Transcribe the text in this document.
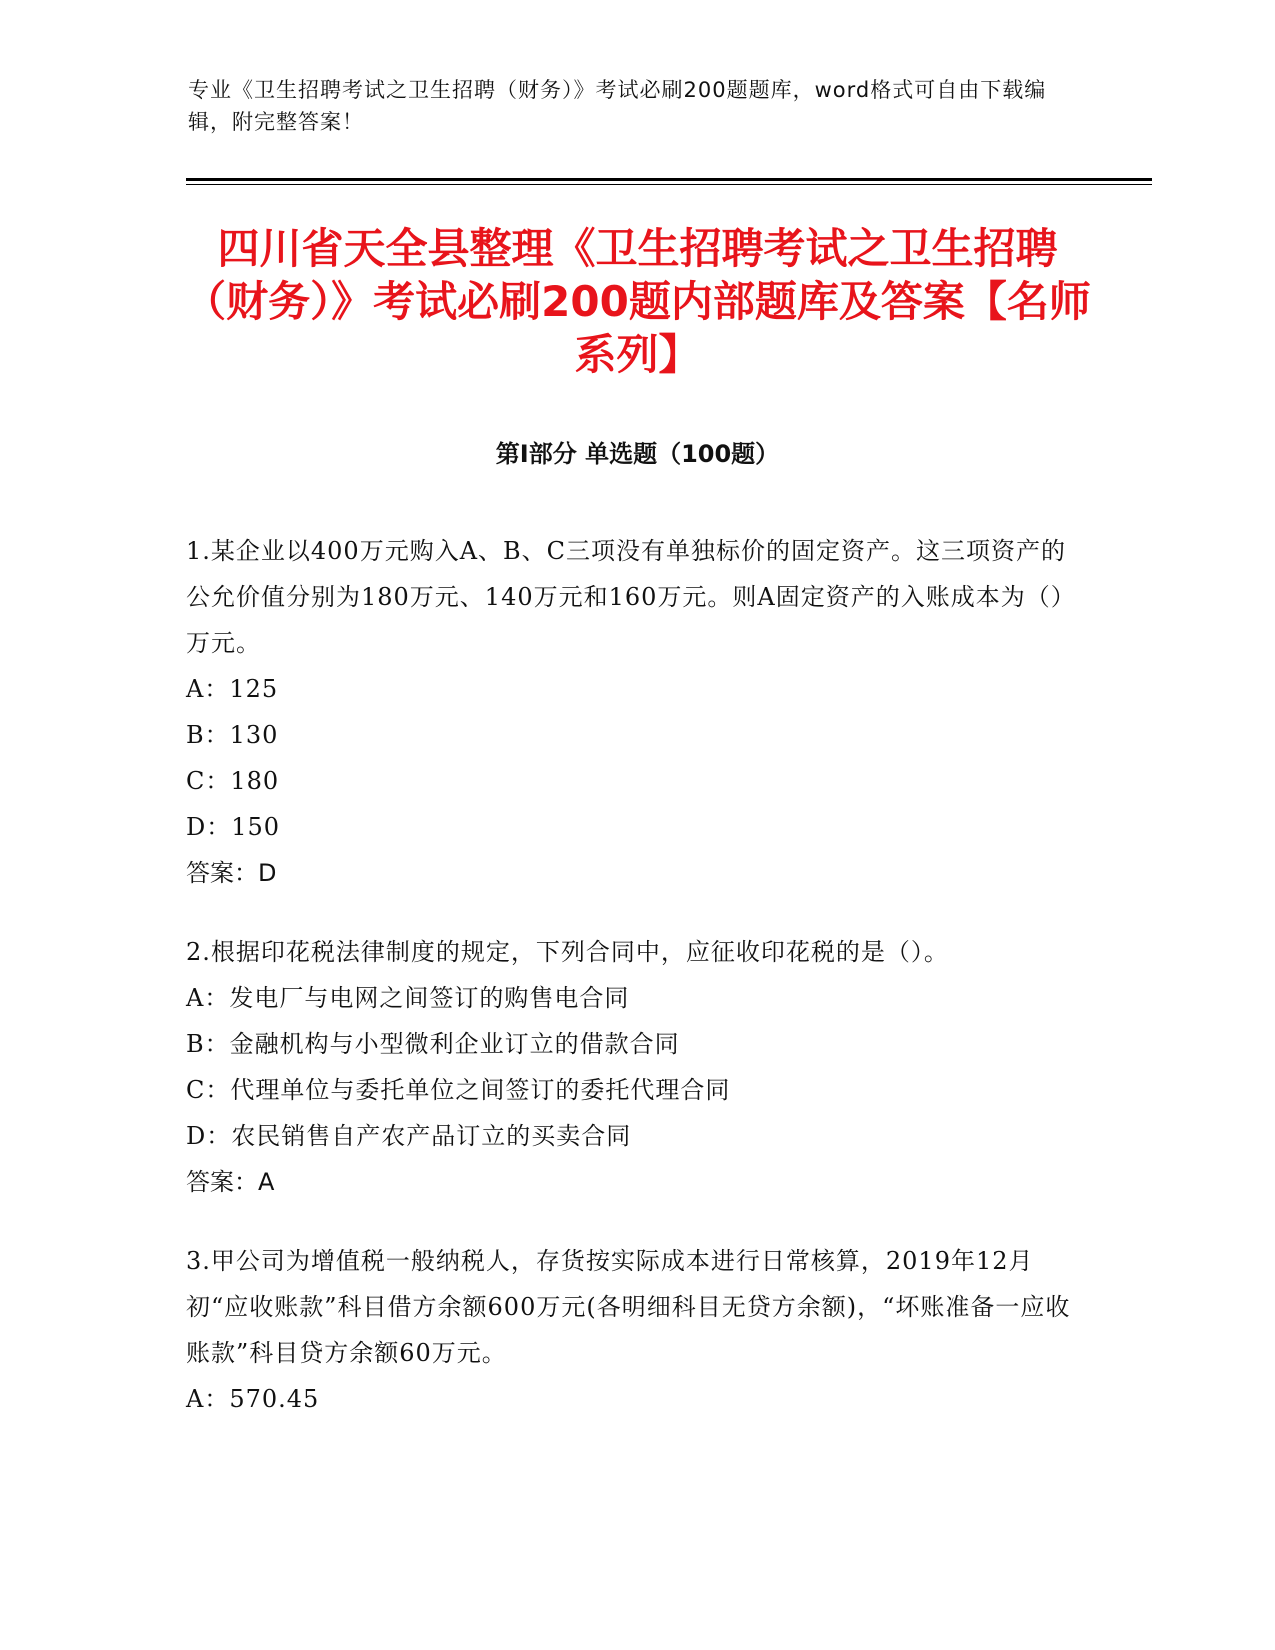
专业《卫生招聘考试之卫生招聘（财务）》考试必刷200题题库，word格式可自由下载编辑，附完整答案！

四川省天全县整理《卫生招聘考试之卫生招聘（财务）》考试必刷200题内部题库及答案【名师系列】
第Ⅰ部分 单选题（100题）

1.某企业以400万元购入A、B、C三项没有单独标价的固定资产。这三项资产的公允价值分别为180万元、140万元和160万元。则A固定资产的入账成本为（）万元。

A：125

B：130

C：180

D：150

答案：D

2.根据印花税法律制度的规定，下列合同中，应征收印花税的是（）。

A：发电厂与电网之间签订的购售电合同

B：金融机构与小型微利企业订立的借款合同

C：代理单位与委托单位之间签订的委托代理合同

D：农民销售自产农产品订立的买卖合同

答案：A

3.甲公司为增值税一般纳税人，存货按实际成本进行日常核算，2019年12月初“应收账款”科目借方余额600万元(各明细科目无贷方余额)，“坏账准备一应收账款”科目贷方余额60万元。

A：570.45
